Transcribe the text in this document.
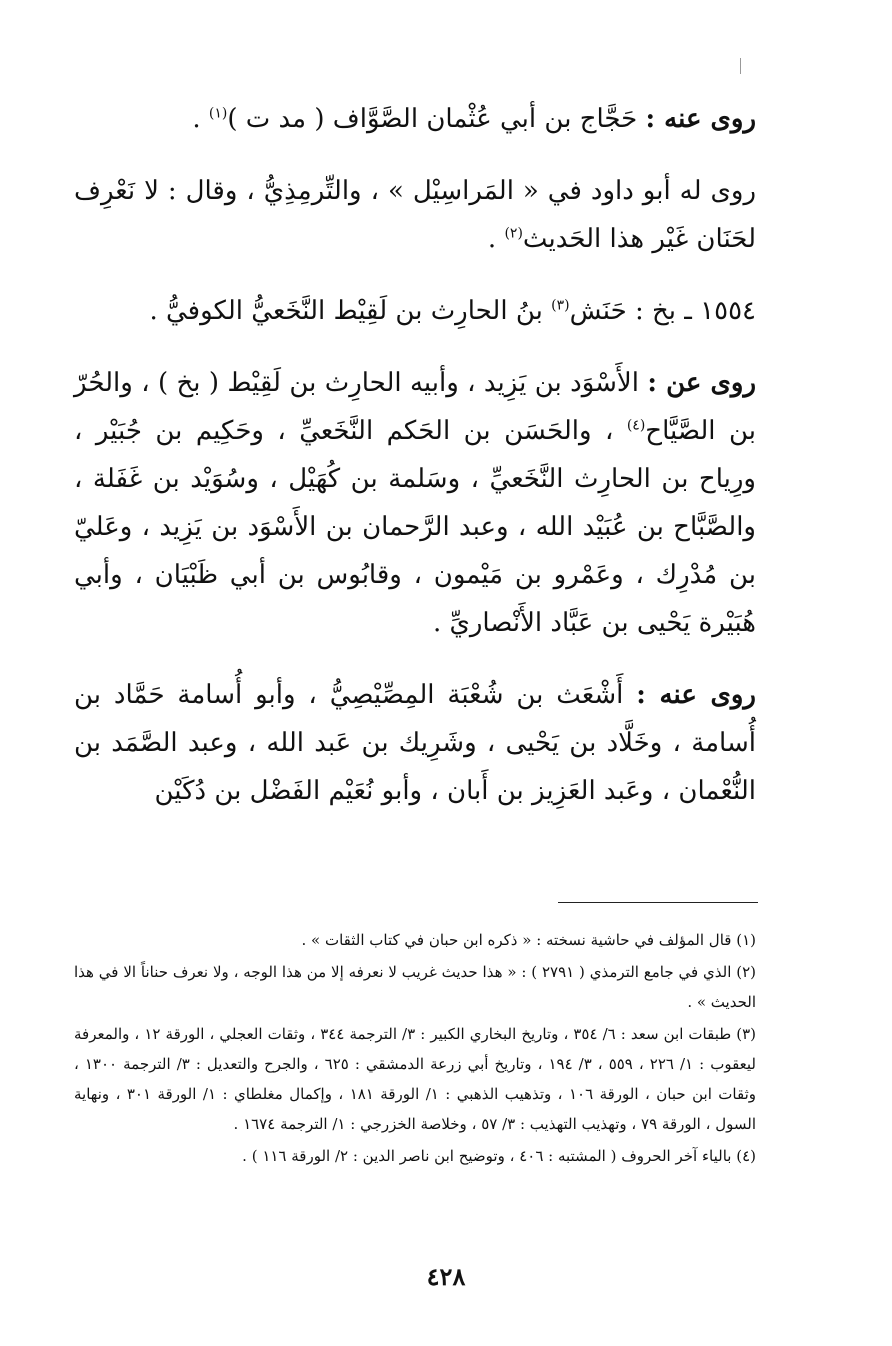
روى عنه : حَجَّاج بن أبي عُثْمان الصَّوَّاف ( مد ت )$^{(١)}$ .

روى له أبو داود في « المَراسِيْل » ، والتِّرمِذِيُّ ، وقال : لا نَعْرِف لحَنَان غَيْر هذا الحَديث$^{(٢)}$ .

١٥٥٤ ـ بخ : حَنَش$^{(٣)}$ بنُ الحارِث بن لَقِيْط النَّخَعيُّ الكوفيُّ .

روى عن : الأَسْوَد بن يَزِيد ، وأبيه الحارِث بن لَقِيْط ( بخ ) ، والحُرّ بن الصَّيَّاح$^{(٤)}$ ، والحَسَن بن الحَكم النَّخَعيِّ ، وحَكِيم بن جُبَيْر ، ورِياح بن الحارِث النَّخَعيِّ ، وسَلمة بن كُهَيْل ، وسُوَيْد بن غَفَلة ، والصَّبَّاح بن عُبَيْد الله ، وعبد الرَّحمان بن الأَسْوَد بن يَزِيد ، وعَليّ بن مُدْرِك ، وعَمْرو بن مَيْمون ، وقابُوس بن أبي ظَبْيَان ، وأبي هُبَيْرة يَحْيى بن عَبَّاد الأَنْصاريِّ .

روى عنه : أَشْعَث بن شُعْبَة المِصِّيْصِيُّ ، وأبو أُسامة حَمَّاد بن أُسامة ، وخَلَّاد بن يَحْيى ، وشَرِيك بن عَبد الله ، وعبد الصَّمَد بن النُّعْمان ، وعَبد العَزِيز بن أَبان ، وأبو نُعَيْم الفَضْل بن دُكَيْن

(١) قال المؤلف في حاشية نسخته : « ذكره ابن حبان في كتاب الثقات » .

(٢) الذي في جامع الترمذي ( ٢٧٩١ ) : « هذا حديث غريب لا نعرفه إلا من هذا الوجه ، ولا نعرف حناناً الا في هذا الحديث » .

(٣) طبقات ابن سعد : ٦/ ٣٥٤ ، وتاريخ البخاري الكبير : ٣/ الترجمة ٣٤٤ ، وثقات العجلي ، الورقة ١٢ ، والمعرفة ليعقوب : ١/ ٢٢٦ ، ٥٥٩ ، ٣/ ١٩٤ ، وتاريخ أبي زرعة الدمشقي : ٦٢٥ ، والجرح والتعديل : ٣/ الترجمة ١٣٠٠ ، وثقات ابن حبان ، الورقة ١٠٦ ، وتذهيب الذهبي : ١/ الورقة ١٨١ ، وإكمال مغلطاي : ١/ الورقة ٣٠١ ، ونهاية السول ، الورقة ٧٩ ، وتهذيب التهذيب : ٣/ ٥٧ ، وخلاصة الخزرجي : ١/ الترجمة ١٦٧٤ .

(٤) بالياء آخر الحروف ( المشتبه : ٤٠٦ ، وتوضيح ابن ناصر الدين : ٢/ الورقة ١١٦ ) .

٤٢٨
